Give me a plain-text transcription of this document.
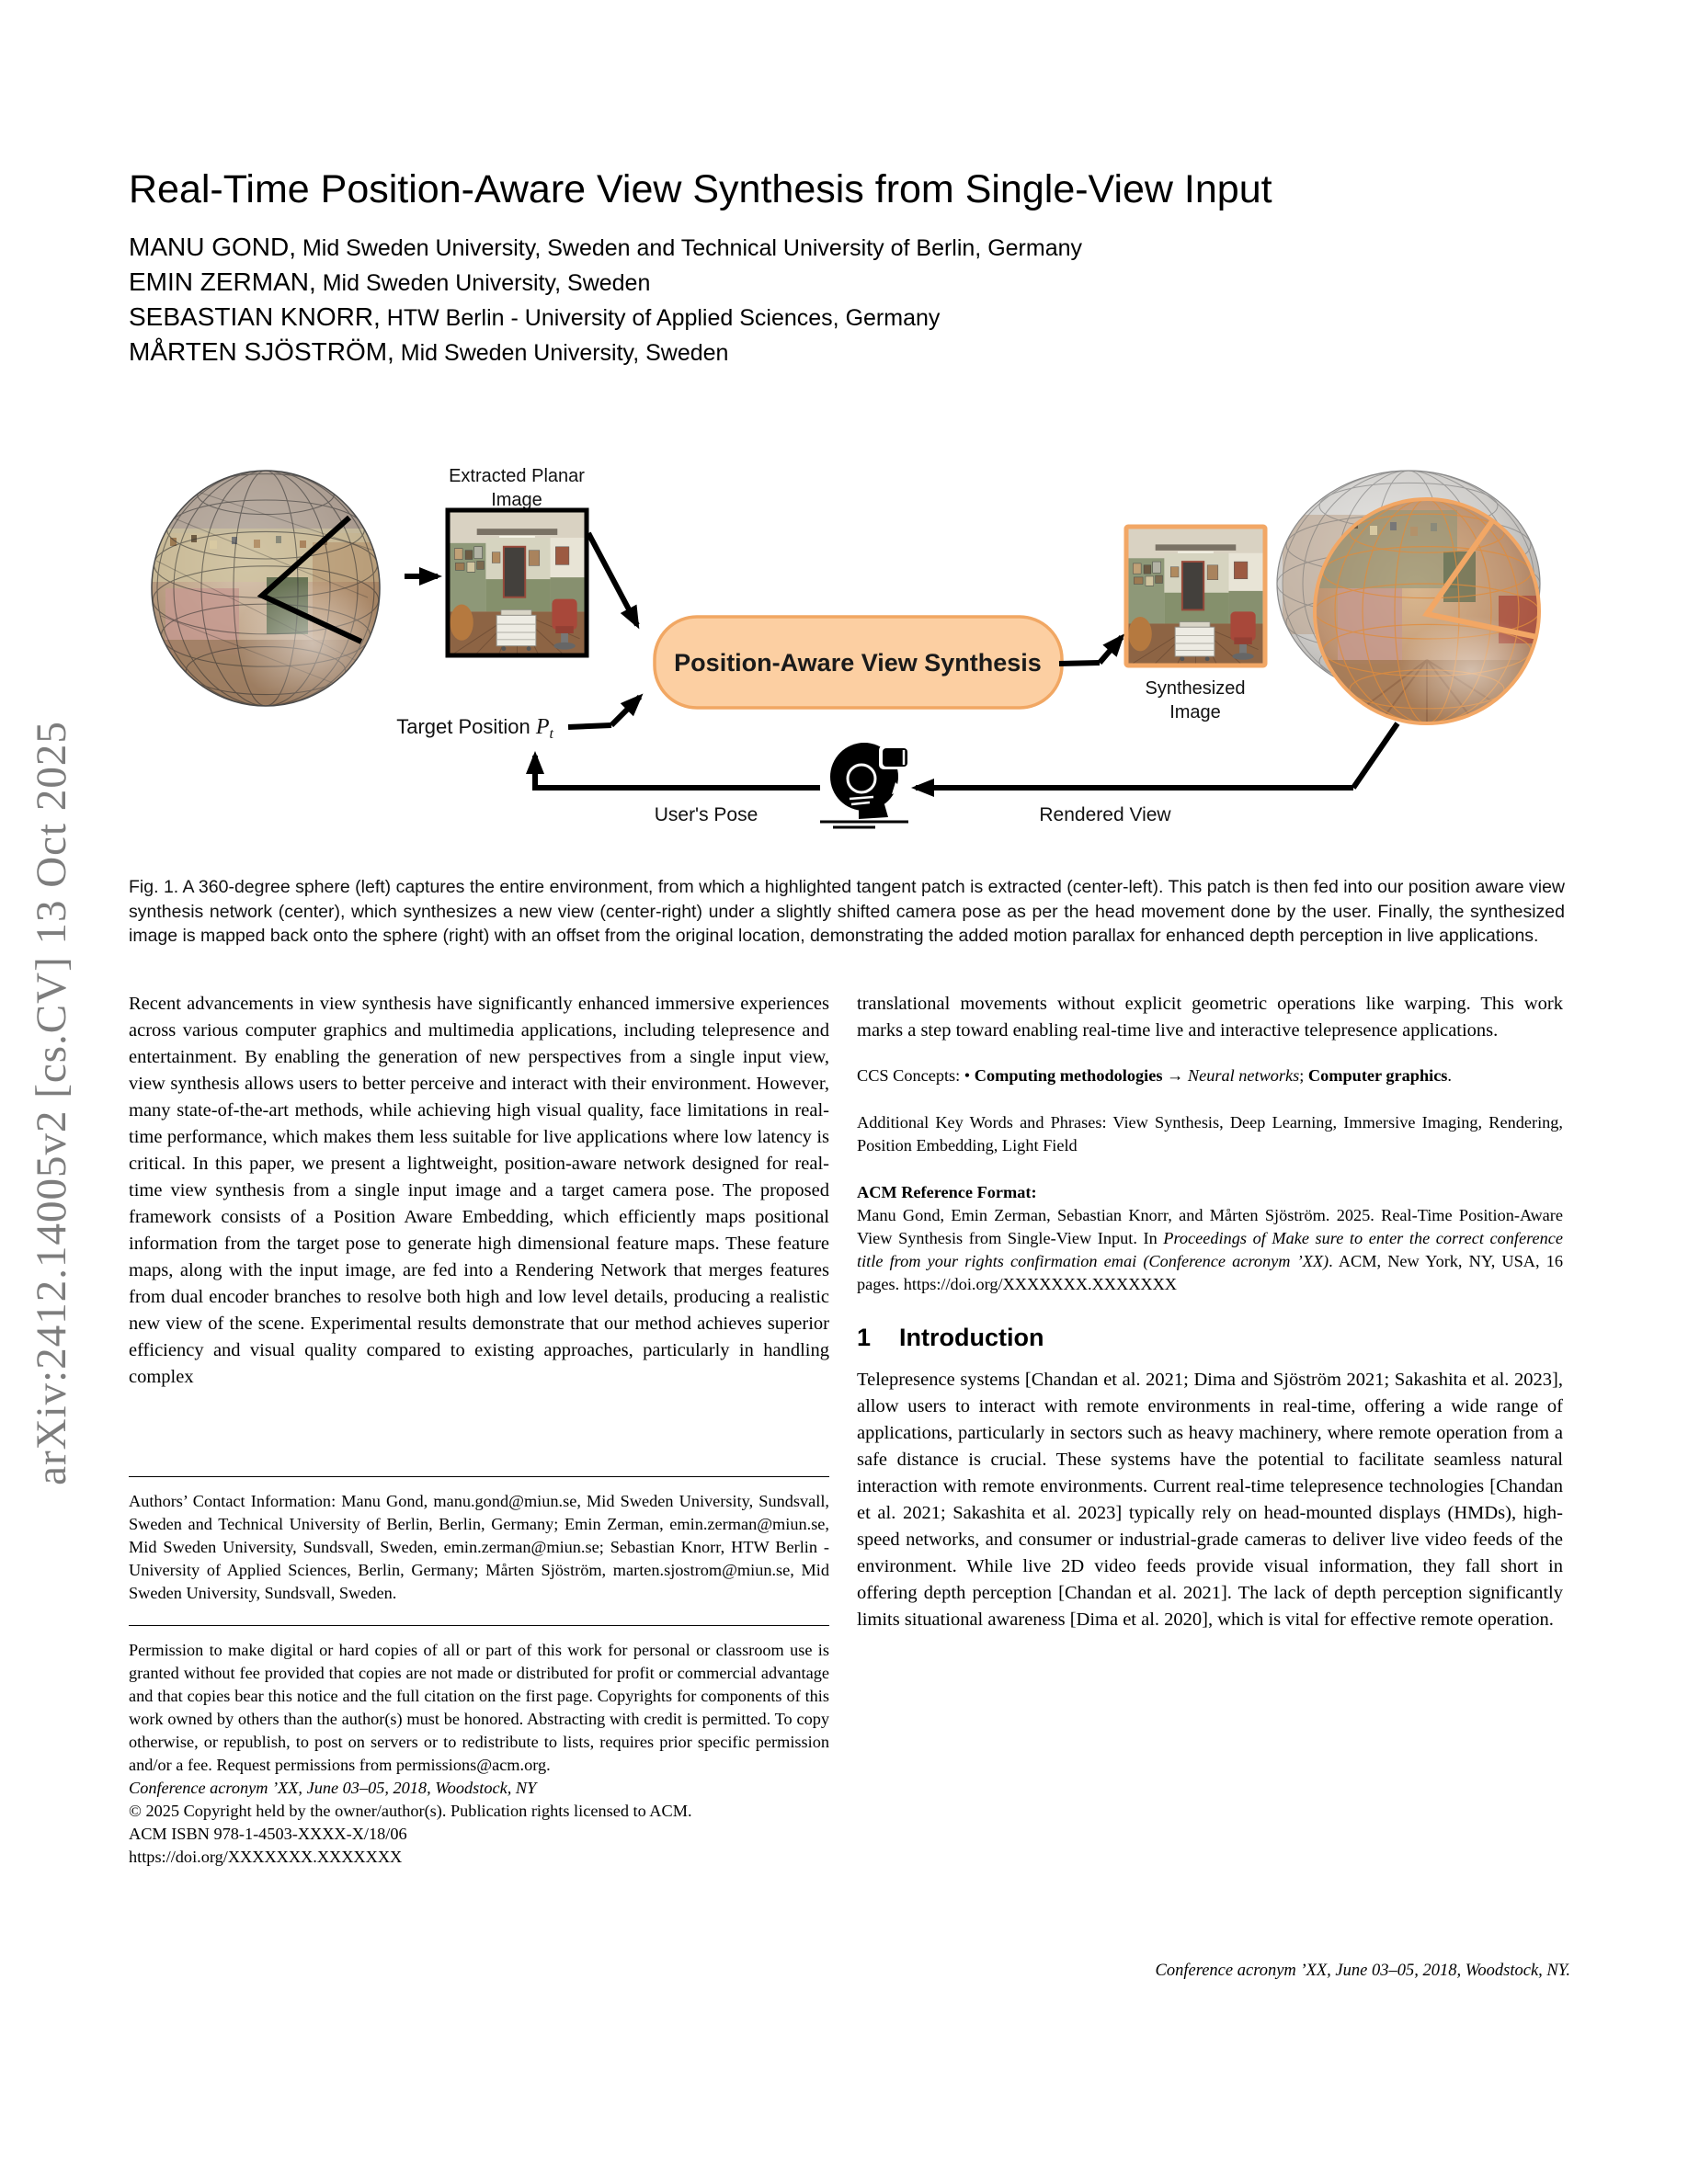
arXiv:2412.14005v2 [cs.CV] 13 Oct 2025
Real-Time Position-Aware View Synthesis from Single-View Input
MANU GOND, Mid Sweden University, Sweden and Technical University of Berlin, Germany
EMIN ZERMAN, Mid Sweden University, Sweden
SEBASTIAN KNORR, HTW Berlin - University of Applied Sciences, Germany
MÅRTEN SJÖSTRÖM, Mid Sweden University, Sweden
Extracted Planar
Image
Position-Aware View Synthesis
Target Position $P_t$
User's Pose
Synthesized
Image
Rendered View
Fig. 1. A 360-degree sphere (left) captures the entire environment, from which a highlighted tangent patch is extracted (center-left). This patch is then fed into our position aware view synthesis network (center), which synthesizes a new view (center-right) under a slightly shifted camera pose as per the head movement done by the user. Finally, the synthesized image is mapped back onto the sphere (right) with an offset from the original location, demonstrating the added motion parallax for enhanced depth perception in live applications.

Recent advancements in view synthesis have significantly enhanced immersive experiences across various computer graphics and multimedia applications, including telepresence and entertainment. By enabling the generation of new perspectives from a single input view, view synthesis allows users to better perceive and interact with their environment. However, many state-of-the-art methods, while achieving high visual quality, face limitations in real-time performance, which makes them less suitable for live applications where low latency is critical. In this paper, we present a lightweight, position-aware network designed for real-time view synthesis from a single input image and a target camera pose. The proposed framework consists of a Position Aware Embedding, which efficiently maps positional information from the target pose to generate high dimensional feature maps. These feature maps, along with the input image, are fed into a Rendering Network that merges features from dual encoder branches to resolve both high and low level details, producing a realistic new view of the scene. Experimental results demonstrate that our method achieves superior efficiency and visual quality compared to existing approaches, particularly in handling complex

Authors’ Contact Information: Manu Gond, manu.gond@miun.se, Mid Sweden University, Sundsvall, Sweden and Technical University of Berlin, Berlin, Germany; Emin Zerman, emin.zerman@miun.se, Mid Sweden University, Sundsvall, Sweden, emin.zerman@miun.se; Sebastian Knorr, HTW Berlin - University of Applied Sciences, Berlin, Germany; Mårten Sjöström, marten.sjostrom@miun.se, Mid Sweden University, Sundsvall, Sweden.

Permission to make digital or hard copies of all or part of this work for personal or classroom use is granted without fee provided that copies are not made or distributed for profit or commercial advantage and that copies bear this notice and the full citation on the first page. Copyrights for components of this work owned by others than the author(s) must be honored. Abstracting with credit is permitted. To copy otherwise, or republish, to post on servers or to redistribute to lists, requires prior specific permission and/or a fee. Request permissions from permissions@acm.org.

Conference acronym ’XX, June 03–05, 2018, Woodstock, NY

© 2025 Copyright held by the owner/author(s). Publication rights licensed to ACM.

ACM ISBN 978-1-4503-XXXX-X/18/06

https://doi.org/XXXXXXX.XXXXXXX

translational movements without explicit geometric operations like warping. This work marks a step toward enabling real-time live and interactive telepresence applications.

CCS Concepts: • Computing methodologies → Neural networks; Computer graphics.

Additional Key Words and Phrases: View Synthesis, Deep Learning, Immersive Imaging, Rendering, Position Embedding, Light Field

ACM Reference Format:
Manu Gond, Emin Zerman, Sebastian Knorr, and Mårten Sjöström. 2025. Real-Time Position-Aware View Synthesis from Single-View Input. In Proceedings of Make sure to enter the correct conference title from your rights confirmation emai (Conference acronym ’XX). ACM, New York, NY, USA, 16 pages. https://doi.org/XXXXXXX.XXXXXXX

1 Introduction

Telepresence systems [Chandan et al. 2021; Dima and Sjöström 2021; Sakashita et al. 2023], allow users to interact with remote environments in real-time, offering a wide range of applications, particularly in sectors such as heavy machinery, where remote operation from a safe distance is crucial. These systems have the potential to facilitate seamless natural interaction with remote environments. Current real-time telepresence technologies [Chandan et al. 2021; Sakashita et al. 2023] typically rely on head-mounted displays (HMDs), high-speed networks, and consumer or industrial-grade cameras to deliver live video feeds of the environment. While live 2D video feeds provide visual information, they fall short in offering depth perception [Chandan et al. 2021]. The lack of depth perception significantly limits situational awareness [Dima et al. 2020], which is vital for effective remote operation.

Conference acronym ’XX, June 03–05, 2018, Woodstock, NY.
